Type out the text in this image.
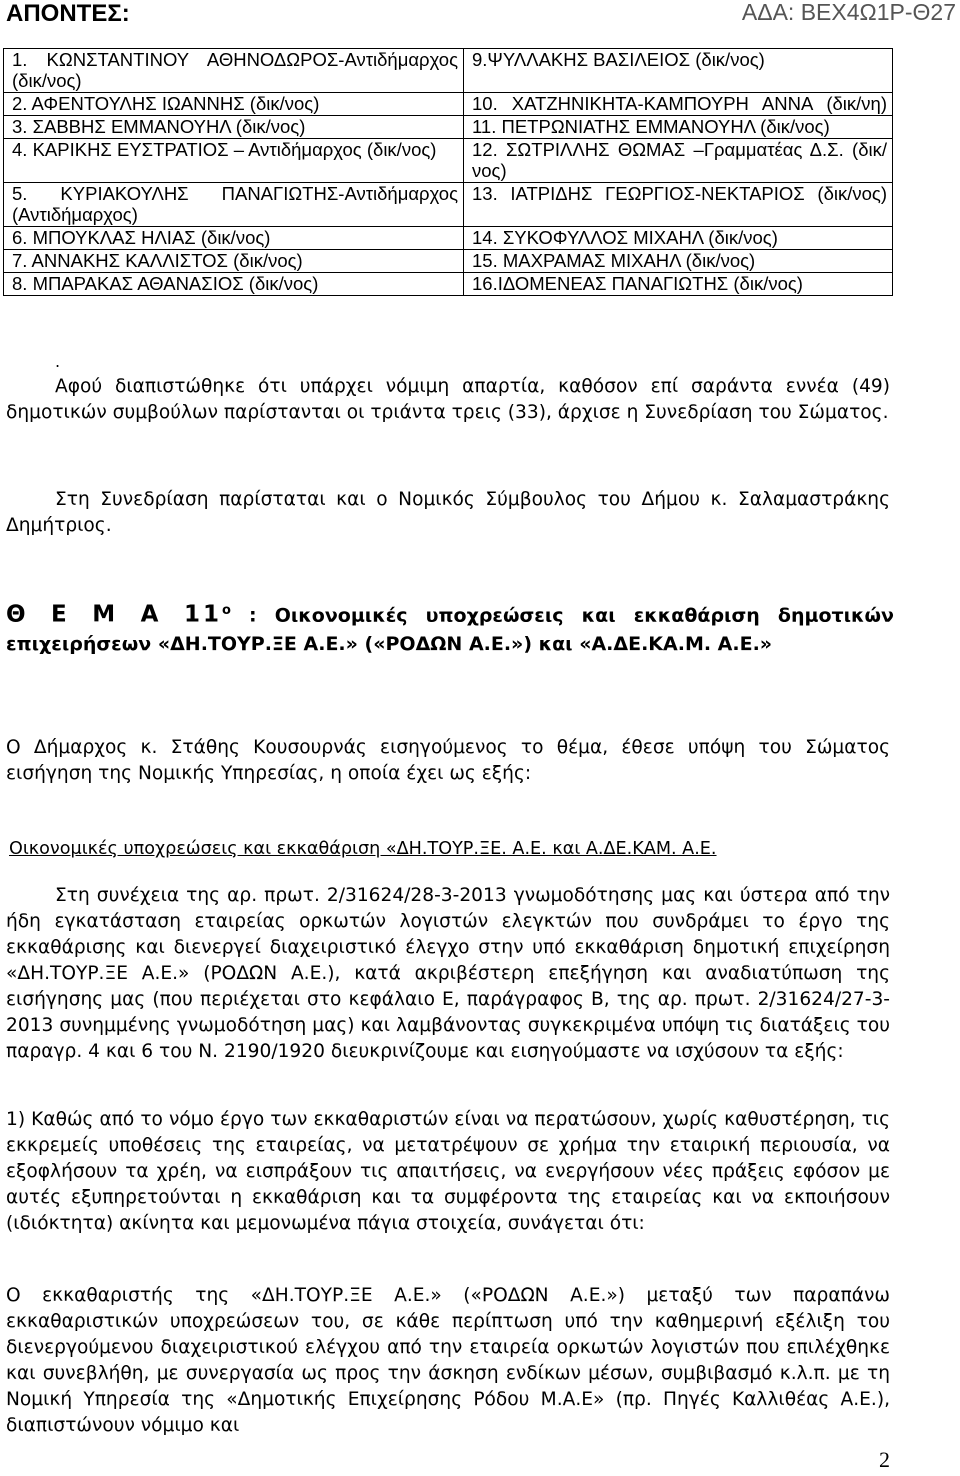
ΑΔΑ: ΒΕΧ4Ω1Ρ-Θ27
ΑΠΟΝΤΕΣ:
1. ΚΩΝΣΤΑΝΤΙΝΟΥ ΑΘΗΝΟΔΩΡΟΣ-Αντιδήμαρχος (δικ/νος)	9.ΨΥΛΛΑΚΗΣ ΒΑΣΙΛΕΙΟΣ (δικ/νος)
2. ΑΦΕΝΤΟΥΛΗΣ ΙΩΑΝΝΗΣ (δικ/νος)	10. ΧΑΤΖΗΝΙΚΗΤΑ-ΚΑΜΠΟΥΡΗ ΑΝΝΑ (δικ/νη)
3. ΣΑΒΒΗΣ ΕΜΜΑΝΟΥΗΛ (δικ/νος)	11. ΠΕΤΡΩΝΙΑΤΗΣ ΕΜΜΑΝΟΥΗΛ (δικ/νος)
4. ΚΑΡΙΚΗΣ ΕΥΣΤΡΑΤΙΟΣ – Αντιδήμαρχος (δικ/νος)	12. ΣΩΤΡΙΛΛΗΣ ΘΩΜΑΣ –Γραμματέας Δ.Σ. (δικ/νος)
5. ΚΥΡΙΑΚΟΥΛΗΣ ΠΑΝΑΓΙΩΤΗΣ-Αντιδήμαρχος (Αντιδήμαρχος)	13. ΙΑΤΡΙΔΗΣ ΓΕΩΡΓΙΟΣ-ΝΕΚΤΑΡΙΟΣ (δικ/νος)
6. ΜΠΟΥΚΛΑΣ ΗΛΙΑΣ (δικ/νος)	14. ΣΥΚΟΦΥΛΛΟΣ ΜΙΧΑΗΛ (δικ/νος)
7. ΑΝΝΑΚΗΣ ΚΑΛΛΙΣΤΟΣ (δικ/νος)	15. ΜΑΧΡΑΜΑΣ ΜΙΧΑΗΛ (δικ/νος)
8. ΜΠΑΡΑΚΑΣ ΑΘΑΝΑΣΙΟΣ (δικ/νος)	16.ΙΔΟΜΕΝΕΑΣ ΠΑΝΑΓΙΩΤΗΣ (δικ/νος)
.

Αφού διαπιστώθηκε ότι υπάρχει νόμιμη απαρτία, καθόσον επί σαράντα εννέα (49) δημοτικών συμβούλων παρίστανται οι τριάντα τρεις (33), άρχισε η Συνεδρίαση του Σώματος.

Στη Συνεδρίαση παρίσταται και ο Νομικός Σύμβουλος του Δήμου κ. Σαλαμαστράκης Δημήτριος.

Θ Ε Μ Α $11^o$ : Οικονομικές υποχρεώσεις και εκκαθάριση δημοτικών επιχειρήσεων «ΔΗ.ΤΟΥΡ.ΞΕ Α.Ε.» («ΡΟΔΩΝ Α.Ε.») και «Α.ΔΕ.ΚΑ.Μ. Α.Ε.»

Ο Δήμαρχος κ. Στάθης Κουσουρνάς εισηγούμενος το θέμα, έθεσε υπόψη του Σώματος εισήγηση της Νομικής Υπηρεσίας, η οποία έχει ως εξής:

Οικονομικές υποχρεώσεις και εκκαθάριση «ΔΗ.ΤΟΥΡ.ΞΕ. Α.Ε. και Α.ΔΕ.ΚΑΜ. Α.Ε.

Στη συνέχεια της αρ. πρωτ. 2/31624/28-3-2013 γνωμοδότησης μας και ύστερα από την ήδη εγκατάσταση εταιρείας ορκωτών λογιστών ελεγκτών που συνδράμει το έργο της εκκαθάρισης και διενεργεί διαχειριστικό έλεγχο στην υπό εκκαθάριση δημοτική επιχείρηση «ΔΗ.ΤΟΥΡ.ΞΕ Α.Ε.» (ΡΟΔΩΝ Α.Ε.), κατά ακριβέστερη επεξήγηση και αναδιατύπωση της εισήγησης μας (που περιέχεται στο κεφάλαιο Ε, παράγραφος Β, της αρ. πρωτ. 2/31624/27-3-2013 συνημμένης γνωμοδότηση μας) και λαμβάνοντας συγκεκριμένα υπόψη τις διατάξεις του παραγρ. 4 και 6 του Ν. 2190/1920 διευκρινίζουμε και εισηγούμαστε να ισχύσουν τα εξής:

1) Καθώς από το νόμο έργο των εκκαθαριστών είναι να περατώσουν, χωρίς καθυστέρηση, τις εκκρεμείς υποθέσεις της εταιρείας, να μετατρέψουν σε χρήμα την εταιρική περιουσία, να εξοφλήσουν τα χρέη, να εισπράξουν τις απαιτήσεις, να ενεργήσουν νέες πράξεις εφόσον με αυτές εξυπηρετούνται η εκκαθάριση και τα συμφέροντα της εταιρείας και να εκποιήσουν (ιδιόκτητα) ακίνητα και μεμονωμένα πάγια στοιχεία, συνάγεται ότι:

Ο εκκαθαριστής της «ΔΗ.ΤΟΥΡ.ΞΕ Α.Ε.» («ΡΟΔΩΝ Α.Ε.») μεταξύ των παραπάνω εκκαθαριστικών υποχρεώσεων του, σε κάθε περίπτωση υπό την καθημερινή εξέλιξη του διενεργούμενου διαχειριστικού ελέγχου από την εταιρεία ορκωτών λογιστών που επιλέχθηκε και συνεβλήθη, με συνεργασία ως προς την άσκηση ενδίκων μέσων, συμβιβασμό κ.λ.π. με τη Νομική Υπηρεσία της «Δημοτικής Επιχείρησης Ρόδου Μ.Α.Ε» (πρ. Πηγές Καλλιθέας Α.Ε.), διαπιστώνουν νόμιμο και

2
